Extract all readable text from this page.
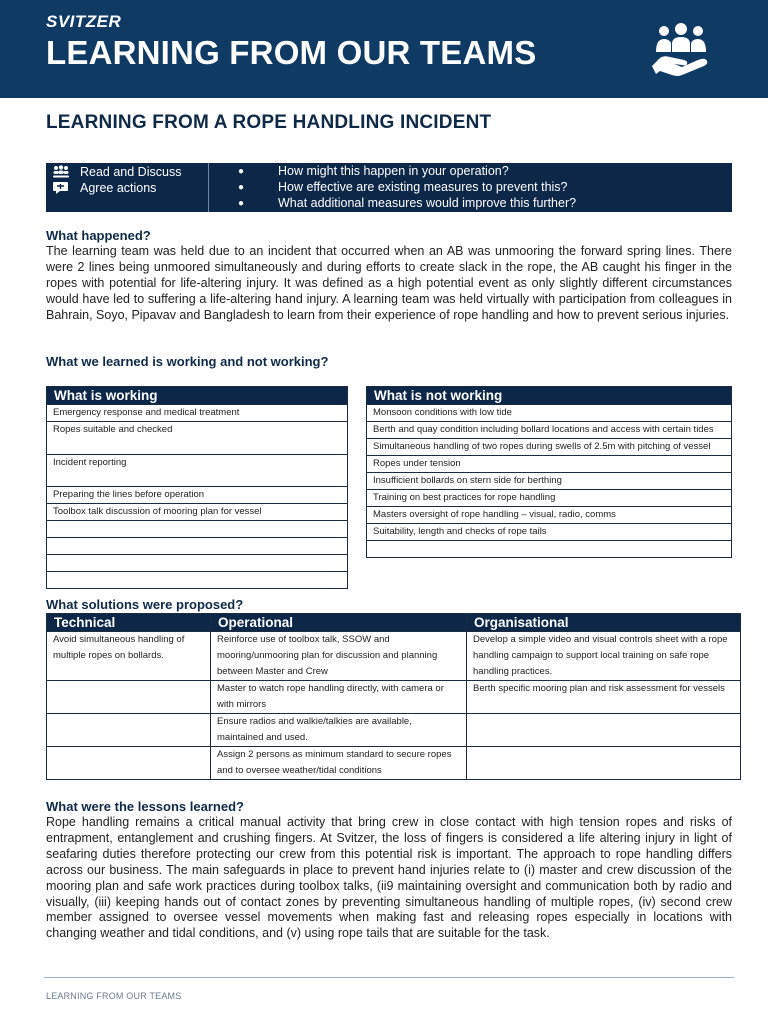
SVITZER
LEARNING FROM OUR TEAMS
LEARNING FROM A ROPE HANDLING INCIDENT
Read and Discuss
Agree actions
●	How might this happen in your operation?
●	How effective are existing measures to prevent this?
●	What additional measures would improve this further?
What happened?
The learning team was held due to an incident that occurred when an AB was unmooring the forward spring lines. There were 2 lines being unmoored simultaneously and during efforts to create slack in the rope, the AB caught his finger in the ropes with potential for life-altering injury. It was defined as a high potential event as only slightly different circumstances would have led to suffering a life-altering hand injury. A learning team was held virtually with participation from colleagues in Bahrain, Soyo, Pipavav and Bangladesh to learn from their experience of rope handling and how to prevent serious injuries.
What we learned is working and not working?
What is working
Emergency response and medical treatment
Ropes suitable and checked
Incident reporting
Preparing the lines before operation
Toolbox talk discussion of mooring plan for vessel

What is not working
Monsoon conditions with low tide
Berth and quay condition including bollard locations and access with certain tides
Simultaneous handling of two ropes during swells of 2.5m with pitching of vessel
Ropes under tension
Insufficient bollards on stern side for berthing
Training on best practices for rope handling
Masters oversight of rope handling – visual, radio, comms
Suitability, length and checks of rope tails

What solutions were proposed?
Technical	Operational	Organisational
Avoid simultaneous handling of multiple ropes on bollards.	Reinforce use of toolbox talk, SSOW and mooring/unmooring plan for discussion and planning between Master and Crew	Develop a simple video and visual controls sheet with a rope handling campaign to support local training on safe rope handling practices.
	Master to watch rope handling directly, with camera or with mirrors	Berth specific mooring plan and risk assessment for vessels
	Ensure radios and walkie/talkies are available, maintained and used.	
	Assign 2 persons as minimum standard to secure ropes and to oversee weather/tidal conditions	
What were the lessons learned?
Rope handling remains a critical manual activity that bring crew in close contact with high tension ropes and risks of entrapment, entanglement and crushing fingers. At Svitzer, the loss of fingers is considered a life altering injury in light of seafaring duties therefore protecting our crew from this potential risk is important. The approach to rope handling differs across our business. The main safeguards in place to prevent hand injuries relate to (i) master and crew discussion of the mooring plan and safe work practices during toolbox talks, (ii9 maintaining oversight and communication both by radio and visually, (iii) keeping hands out of contact zones by preventing simultaneous handling of multiple ropes, (iv) second crew member assigned to oversee vessel movements when making fast and releasing ropes especially in locations with changing weather and tidal conditions, and (v) using rope tails that are suitable for the task.
LEARNING FROM OUR TEAMS
